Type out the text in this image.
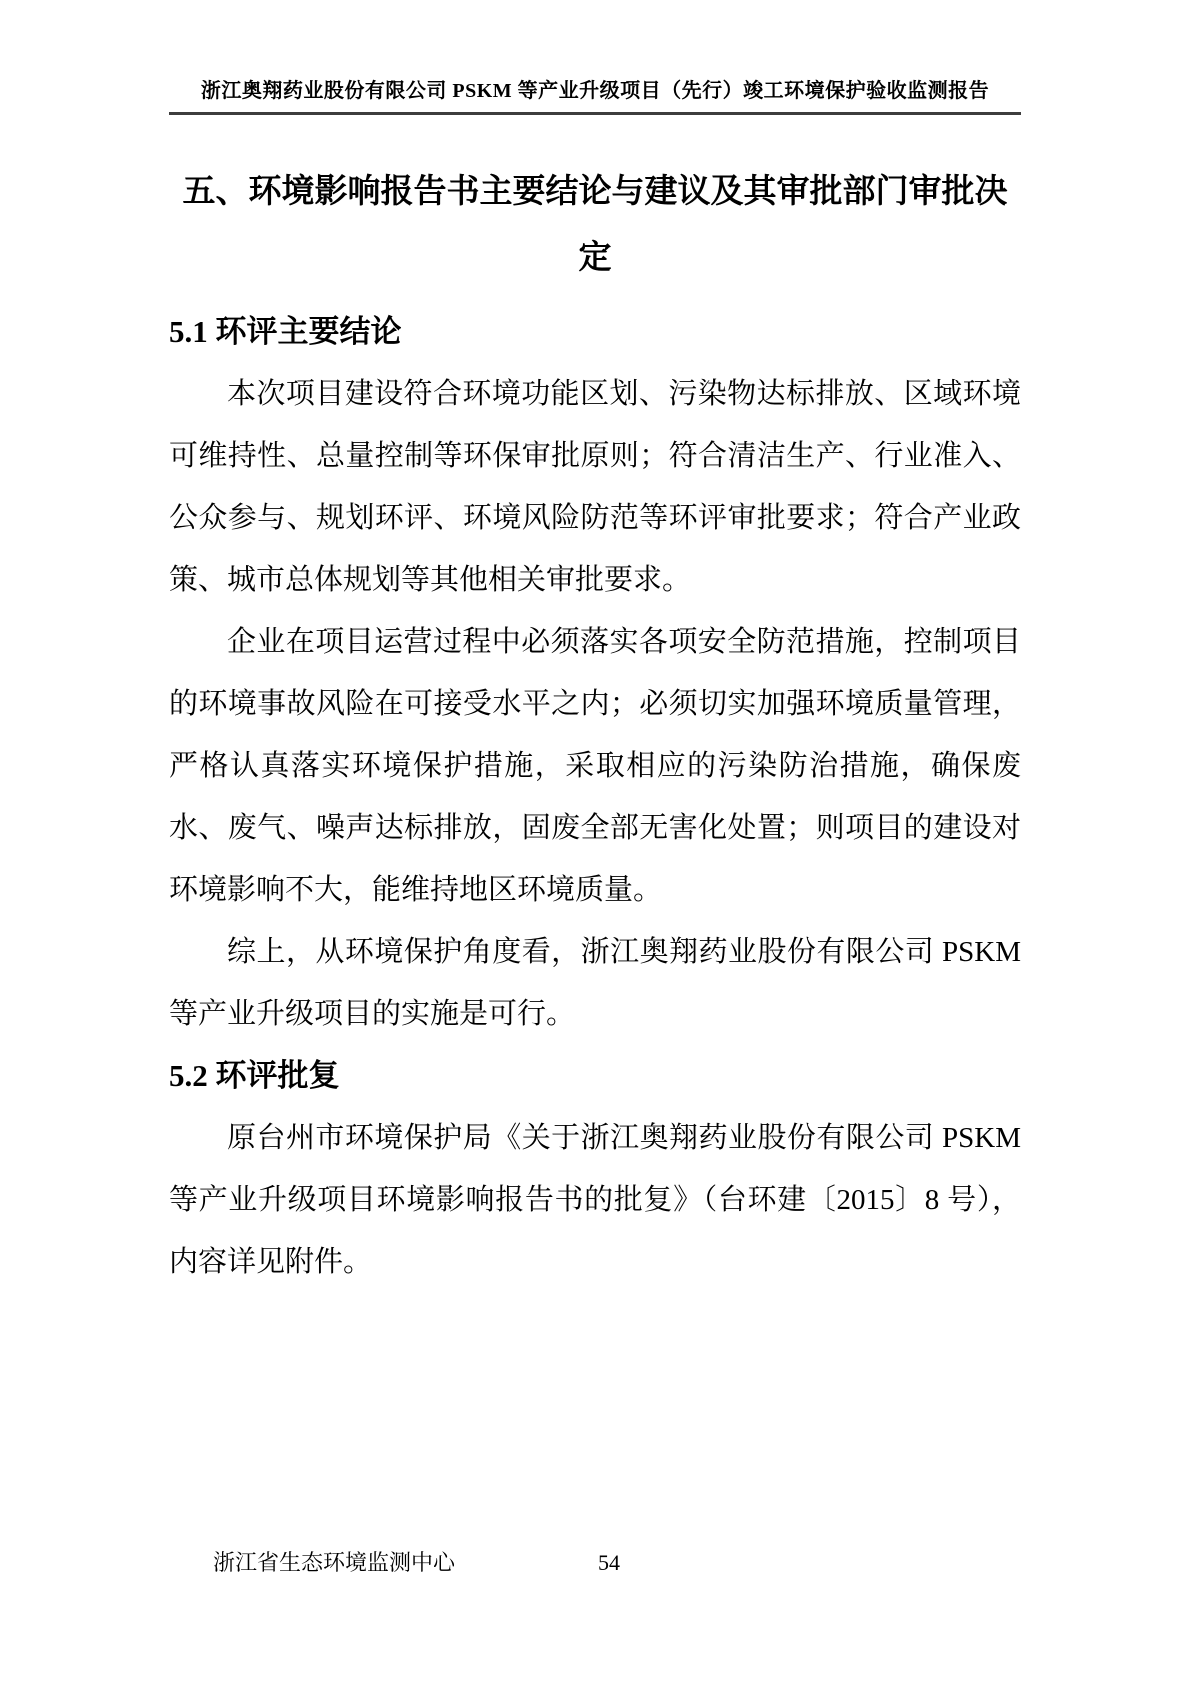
浙江奥翔药业股份有限公司 PSKM 等产业升级项目（先行）竣工环境保护验收监测报告
五、环境影响报告书主要结论与建议及其审批部门审批决定
5.1 环评主要结论

本次项目建设符合环境功能区划、污染物达标排放、区域环境可维持性、总量控制等环保审批原则；符合清洁生产、行业准入、公众参与、规划环评、环境风险防范等环评审批要求；符合产业政策、城市总体规划等其他相关审批要求。

企业在项目运营过程中必须落实各项安全防范措施，控制项目的环境事故风险在可接受水平之内；必须切实加强环境质量管理，严格认真落实环境保护措施，采取相应的污染防治措施，确保废水、废气、噪声达标排放，固废全部无害化处置；则项目的建设对环境影响不大，能维持地区环境质量。

综上，从环境保护角度看，浙江奥翔药业股份有限公司 PSKM 等产业升级项目的实施是可行。

5.2 环评批复

原台州市环境保护局《关于浙江奥翔药业股份有限公司 PSKM 等产业升级项目环境影响报告书的批复》（台环建〔2015〕8 号），内容详见附件。

浙江省生态环境监测中心	54
